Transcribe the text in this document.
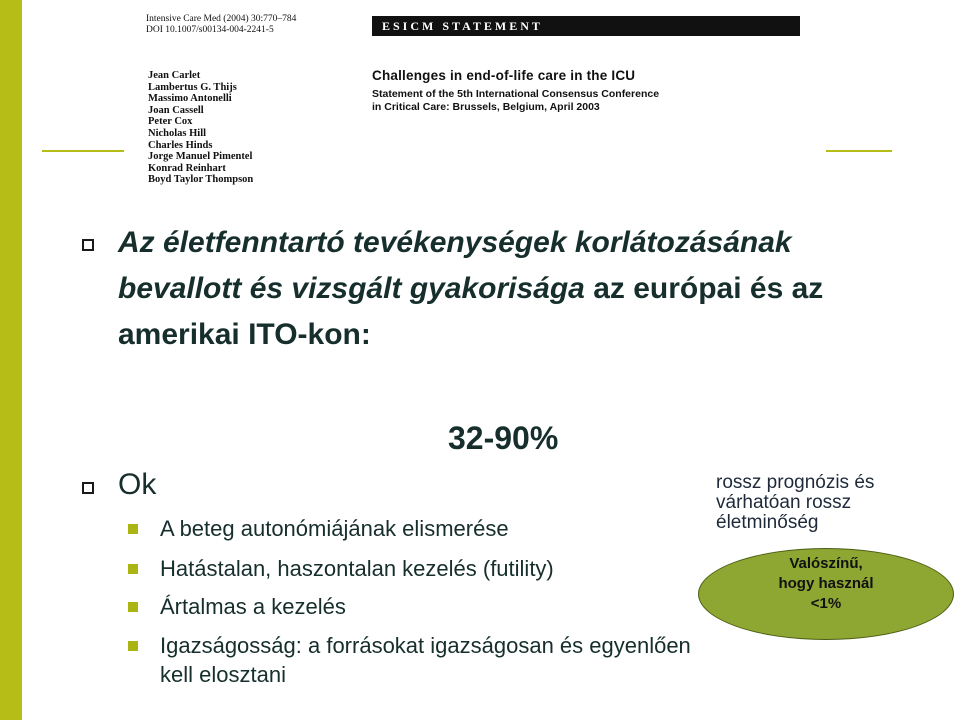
Intensive Care Med (2004) 30:770–784
DOI 10.1007/s00134-004-2241-5	ESICM STATEMENT
Jean Carlet
Lambertus G. Thijs
Massimo Antonelli
Joan Cassell
Peter Cox
Nicholas Hill
Charles Hinds
Jorge Manuel Pimentel
Konrad Reinhart
Boyd Taylor Thompson
Challenges in end-of-life care in the ICU
Statement of the 5th International Consensus Conference
in Critical Care: Brussels, Belgium, April 2003

Az életfenntartó tevékenységek korlátozásának bevallott és vizsgált gyakorisága az európai és az amerikai ITO-kon:

32-90%
Ok
A beteg autonómiájának elismerése
Hatástalan, haszontalan kezelés (futility)
Ártalmas a kezelés
Igazságosság: a forrásokat igazságosan és egyenlően
kell elosztani
rossz prognózis és
várhatóan rossz
életminőség
Valószínű,
hogy használ
<1%
